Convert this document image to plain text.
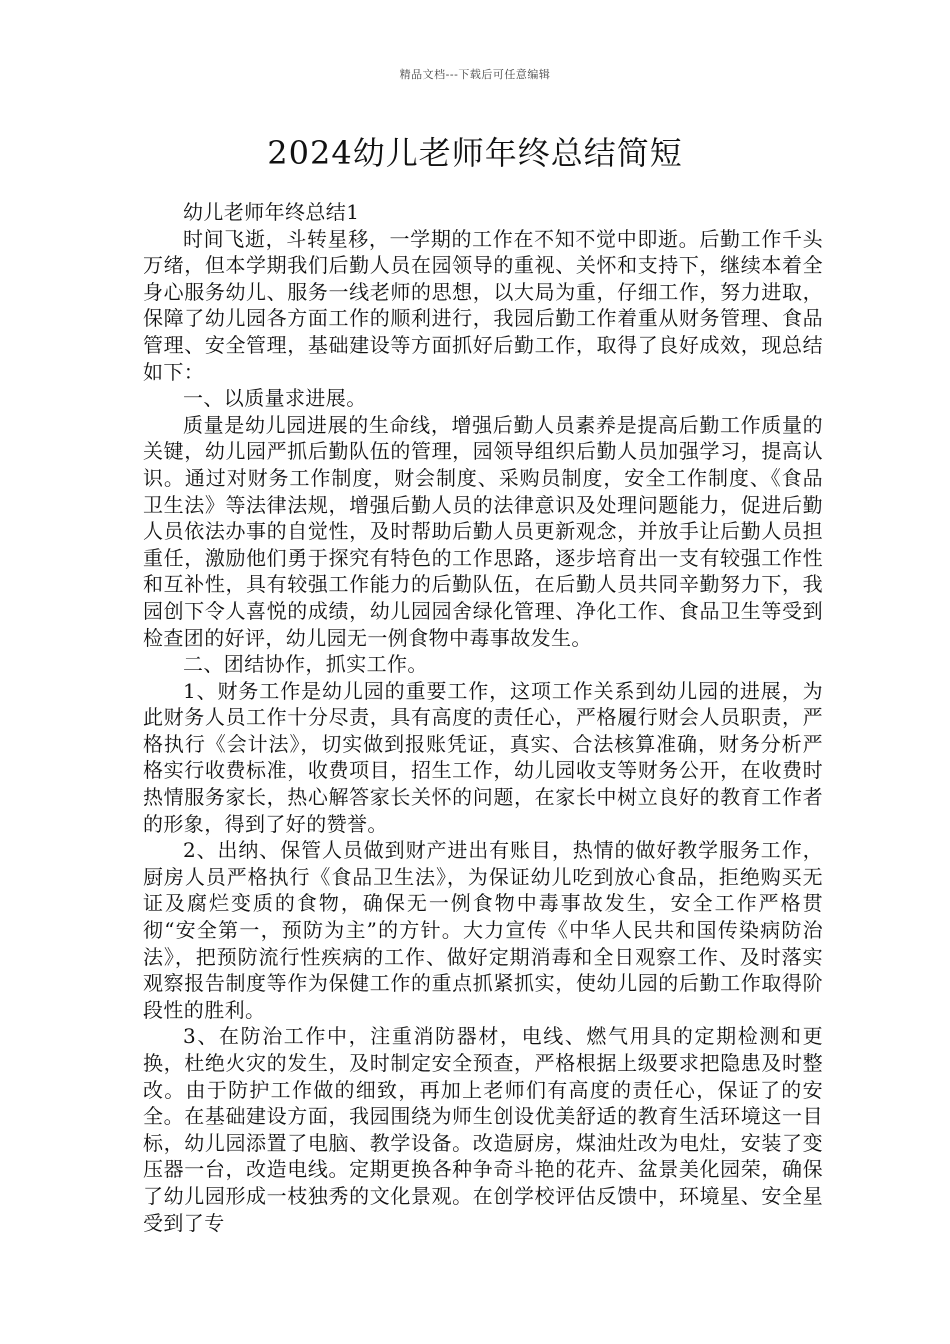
精品文档---下载后可任意编辑
2024幼儿老师年终总结简短

幼儿老师年终总结1

时间飞逝，斗转星移，一学期的工作在不知不觉中即逝。后勤工作千头万绪，但本学期我们后勤人员在园领导的重视、关怀和支持下，继续本着全身心服务幼儿、服务一线老师的思想，以大局为重，仔细工作，努力进取，保障了幼儿园各方面工作的顺利进行，我园后勤工作着重从财务管理、食品管理、安全管理，基础建设等方面抓好后勤工作，取得了良好成效，现总结如下：

一、以质量求进展。

质量是幼儿园进展的生命线，增强后勤人员素养是提高后勤工作质量的关键，幼儿园严抓后勤队伍的管理，园领导组织后勤人员加强学习，提高认识。通过对财务工作制度，财会制度、采购员制度，安全工作制度、《食品卫生法》等法律法规，增强后勤人员的法律意识及处理问题能力，促进后勤人员依法办事的自觉性，及时帮助后勤人员更新观念，并放手让后勤人员担重任，激励他们勇于探究有特色的工作思路，逐步培育出一支有较强工作性和互补性，具有较强工作能力的后勤队伍，在后勤人员共同辛勤努力下，我园创下令人喜悦的成绩，幼儿园园舍绿化管理、净化工作、食品卫生等受到检查团的好评，幼儿园无一例食物中毒事故发生。

二、团结协作，抓实工作。

1、财务工作是幼儿园的重要工作，这项工作关系到幼儿园的进展，为此财务人员工作十分尽责，具有高度的责任心，严格履行财会人员职责，严格执行《会计法》，切实做到报账凭证，真实、合法核算准确，财务分析严格实行收费标准，收费项目，招生工作，幼儿园收支等财务公开，在收费时热情服务家长，热心解答家长关怀的问题，在家长中树立良好的教育工作者的形象，得到了好的赞誉。

2、出纳、保管人员做到财产进出有账目，热情的做好教学服务工作，厨房人员严格执行《食品卫生法》，为保证幼儿吃到放心食品，拒绝购买无证及腐烂变质的食物，确保无一例食物中毒事故发生，安全工作严格贯彻“安全第一，预防为主”的方针。大力宣传《中华人民共和国传染病防治法》，把预防流行性疾病的工作、做好定期消毒和全日观察工作、及时落实观察报告制度等作为保健工作的重点抓紧抓实，使幼儿园的后勤工作取得阶段性的胜利。

3、在防治工作中，注重消防器材，电线、燃气用具的定期检测和更换，杜绝火灾的发生，及时制定安全预查，严格根据上级要求把隐患及时整改。由于防护工作做的细致，再加上老师们有高度的责任心，保证了的安全。在基础建设方面，我园围绕为师生创设优美舒适的教育生活环境这一目标，幼儿园添置了电脑、教学设备。改造厨房，煤油灶改为电灶，安装了变压器一台，改造电线。定期更换各种争奇斗艳的花卉、盆景美化园荣，确保了幼儿园形成一枝独秀的文化景观。在创学校评估反馈中，环境星、安全星受到了专
